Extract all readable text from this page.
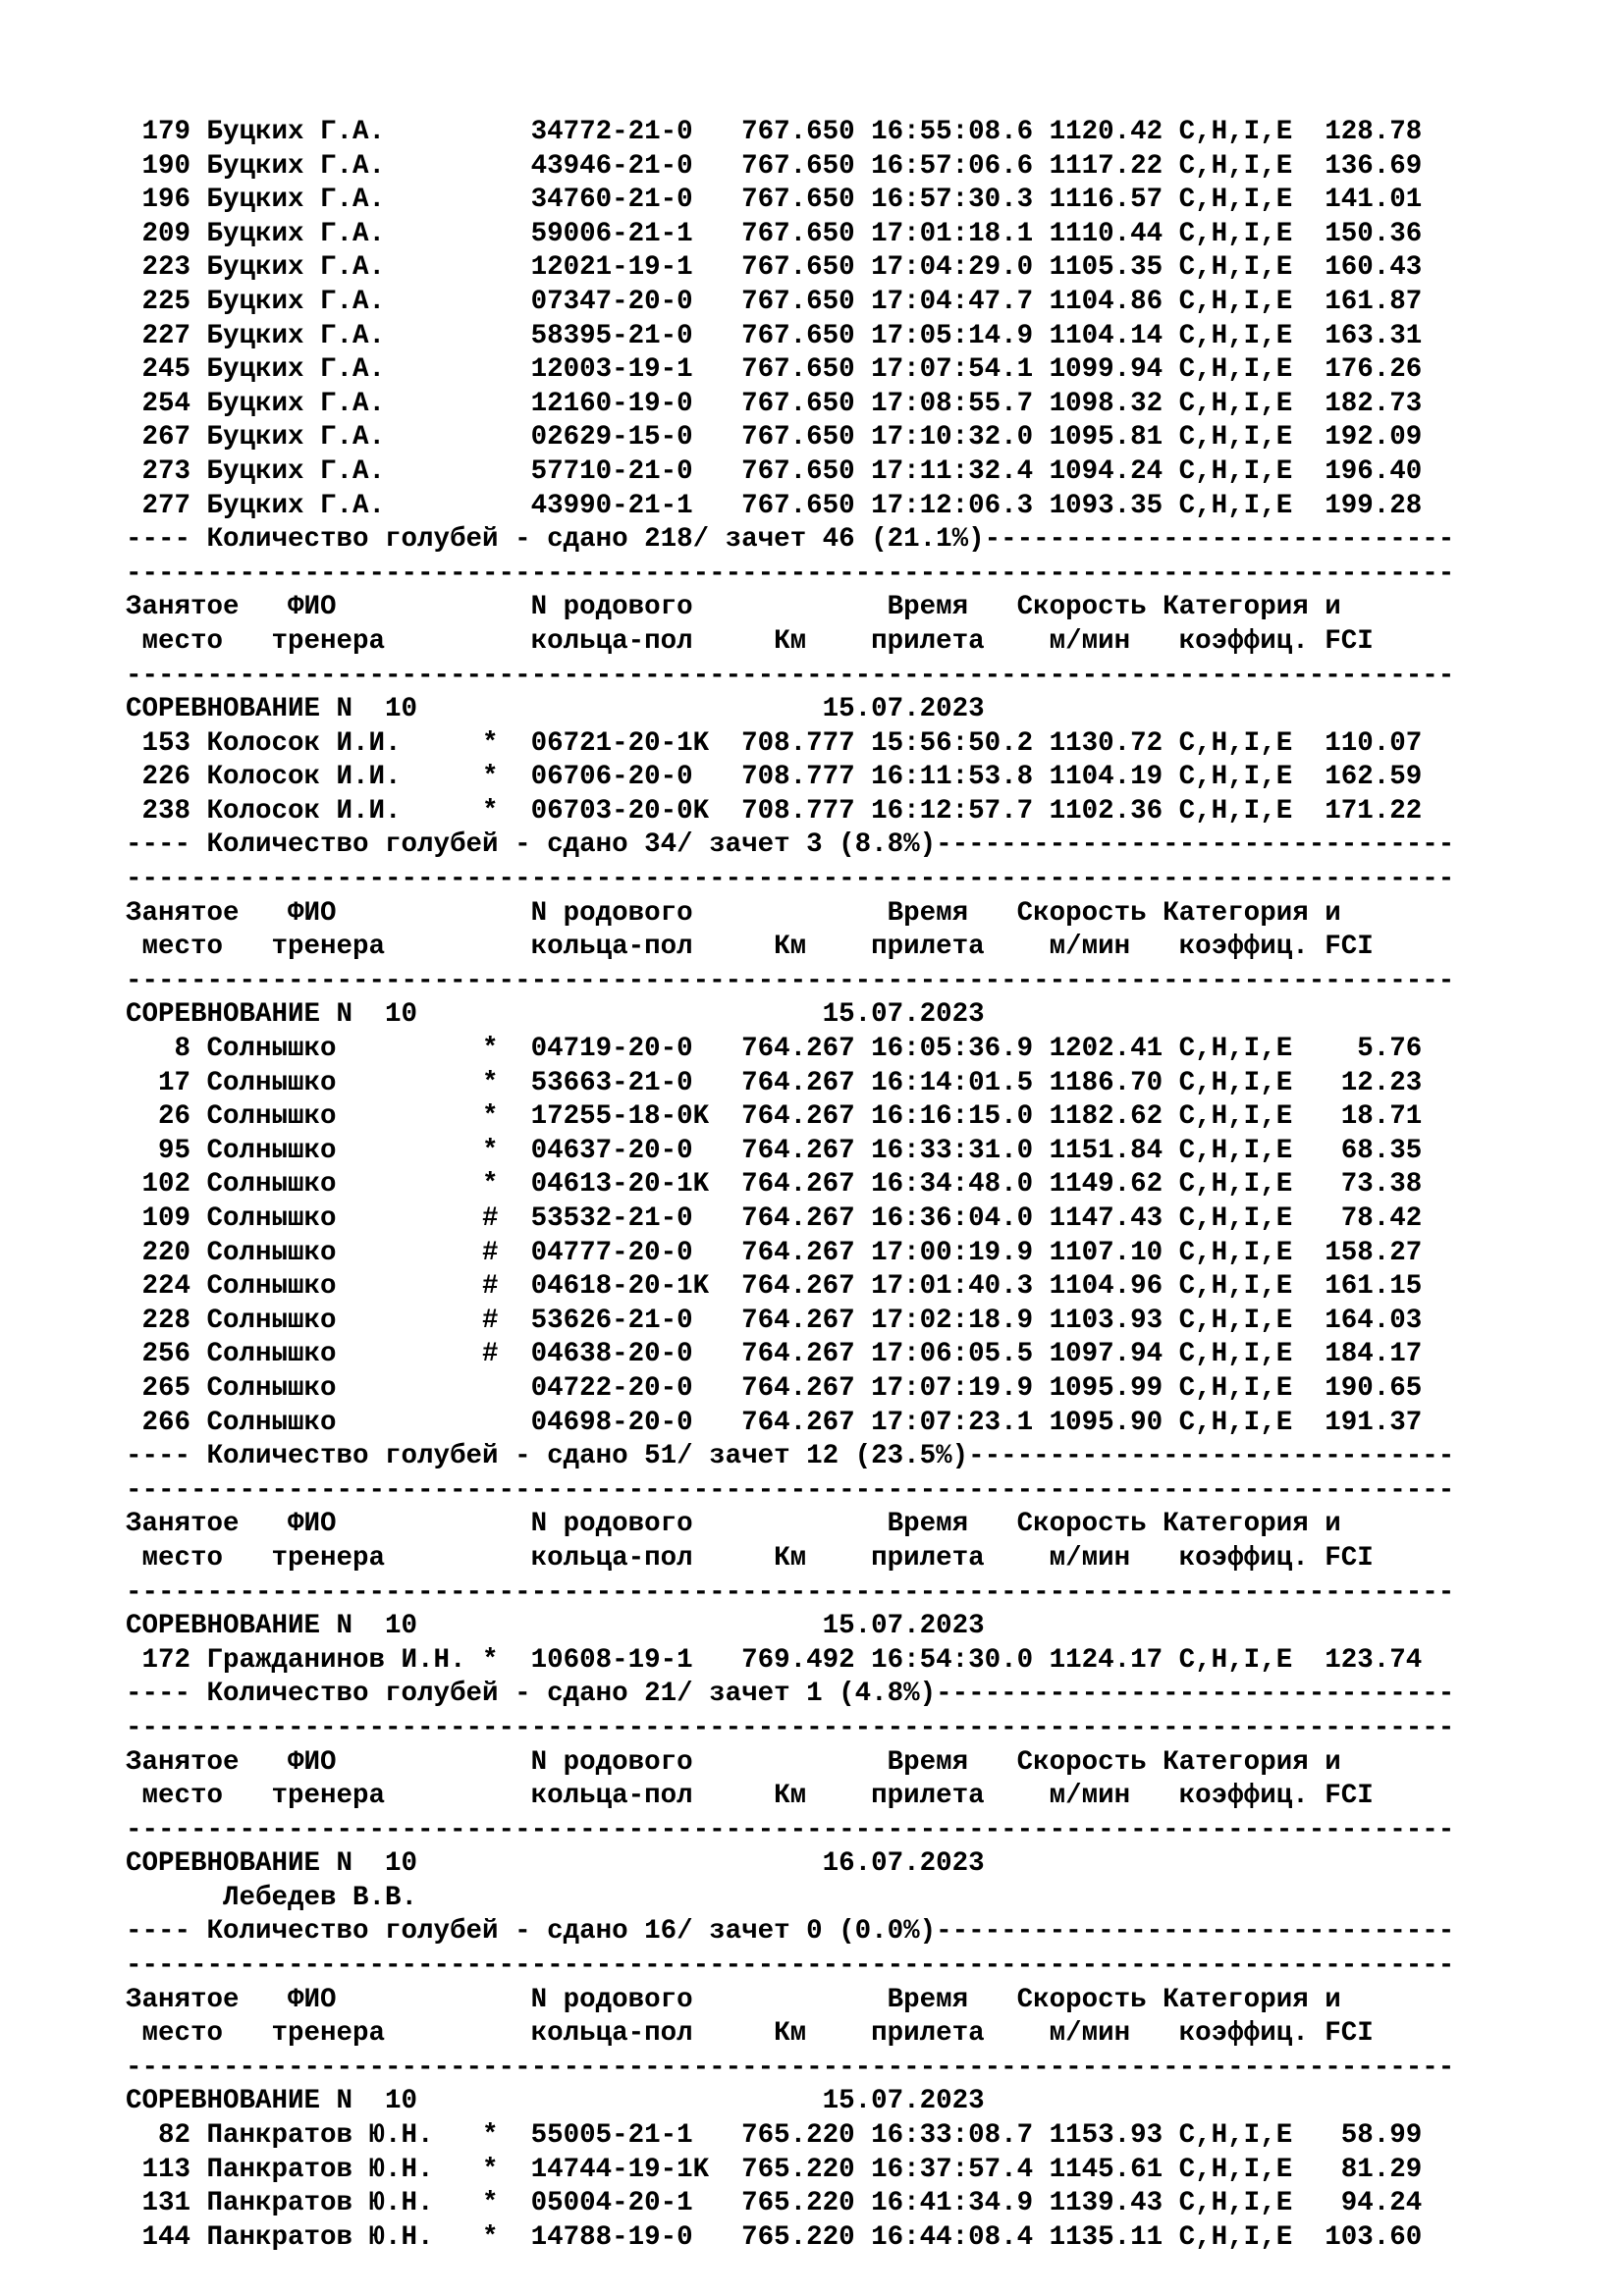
179 Буцких Г.А.         34772-21-0   767.650 16:55:08.6 1120.42 C,H,I,E  128.78
190 Буцких Г.А.         43946-21-0   767.650 16:57:06.6 1117.22 C,H,I,E  136.69
196 Буцких Г.А.         34760-21-0   767.650 16:57:30.3 1116.57 C,H,I,E  141.01
209 Буцких Г.А.         59006-21-1   767.650 17:01:18.1 1110.44 C,H,I,E  150.36
223 Буцких Г.А.         12021-19-1   767.650 17:04:29.0 1105.35 C,H,I,E  160.43
225 Буцких Г.А.         07347-20-0   767.650 17:04:47.7 1104.86 C,H,I,E  161.87
227 Буцких Г.А.         58395-21-0   767.650 17:05:14.9 1104.14 C,H,I,E  163.31
245 Буцких Г.А.         12003-19-1   767.650 17:07:54.1 1099.94 C,H,I,E  176.26
254 Буцких Г.А.         12160-19-0   767.650 17:08:55.7 1098.32 C,H,I,E  182.73
267 Буцких Г.А.         02629-15-0   767.650 17:10:32.0 1095.81 C,H,I,E  192.09
273 Буцких Г.А.         57710-21-0   767.650 17:11:32.4 1094.24 C,H,I,E  196.40
277 Буцких Г.А.         43990-21-1   767.650 17:12:06.3 1093.35 C,H,I,E  199.28
---- Количество голубей - сдано 218/ зачет 46 (21.1%)-----------------------------
----------------------------------------------------------------------------------
Занятое   ФИО            N родового            Время   Скорость Категория и
место   тренера         кольца-пол     Км    прилета    м/мин   коэффиц. FCI
----------------------------------------------------------------------------------
СОРЕВНОВАНИЕ N  10                         15.07.2023
153 Колосок И.И.     *  06721-20-1K  708.777 15:56:50.2 1130.72 C,H,I,E  110.07
226 Колосок И.И.     *  06706-20-0   708.777 16:11:53.8 1104.19 C,H,I,E  162.59
238 Колосок И.И.     *  06703-20-0K  708.777 16:12:57.7 1102.36 C,H,I,E  171.22
---- Количество голубей - сдано 34/ зачет 3 (8.8%)--------------------------------
----------------------------------------------------------------------------------
Занятое   ФИО            N родового            Время   Скорость Категория и
место   тренера         кольца-пол     Км    прилета    м/мин   коэффиц. FCI
----------------------------------------------------------------------------------
СОРЕВНОВАНИЕ N  10                         15.07.2023
8 Солнышко         *  04719-20-0   764.267 16:05:36.9 1202.41 C,H,I,E    5.76
17 Солнышко         *  53663-21-0   764.267 16:14:01.5 1186.70 C,H,I,E   12.23
26 Солнышко         *  17255-18-0K  764.267 16:16:15.0 1182.62 C,H,I,E   18.71
95 Солнышко         *  04637-20-0   764.267 16:33:31.0 1151.84 C,H,I,E   68.35
102 Солнышко         *  04613-20-1K  764.267 16:34:48.0 1149.62 C,H,I,E   73.38
109 Солнышко         #  53532-21-0   764.267 16:36:04.0 1147.43 C,H,I,E   78.42
220 Солнышко         #  04777-20-0   764.267 17:00:19.9 1107.10 C,H,I,E  158.27
224 Солнышко         #  04618-20-1K  764.267 17:01:40.3 1104.96 C,H,I,E  161.15
228 Солнышко         #  53626-21-0   764.267 17:02:18.9 1103.93 C,H,I,E  164.03
256 Солнышко         #  04638-20-0   764.267 17:06:05.5 1097.94 C,H,I,E  184.17
265 Солнышко            04722-20-0   764.267 17:07:19.9 1095.99 C,H,I,E  190.65
266 Солнышко            04698-20-0   764.267 17:07:23.1 1095.90 C,H,I,E  191.37
---- Количество голубей - сдано 51/ зачет 12 (23.5%)------------------------------
----------------------------------------------------------------------------------
Занятое   ФИО            N родового            Время   Скорость Категория и
место   тренера         кольца-пол     Км    прилета    м/мин   коэффиц. FCI
----------------------------------------------------------------------------------
СОРЕВНОВАНИЕ N  10                         15.07.2023
172 Гражданинов И.Н. *  10608-19-1   769.492 16:54:30.0 1124.17 C,H,I,E  123.74
---- Количество голубей - сдано 21/ зачет 1 (4.8%)--------------------------------
----------------------------------------------------------------------------------
Занятое   ФИО            N родового            Время   Скорость Категория и
место   тренера         кольца-пол     Км    прилета    м/мин   коэффиц. FCI
----------------------------------------------------------------------------------
СОРЕВНОВАНИЕ N  10                         16.07.2023
Лебедев В.В.
---- Количество голубей - сдано 16/ зачет 0 (0.0%)--------------------------------
----------------------------------------------------------------------------------
Занятое   ФИО            N родового            Время   Скорость Категория и
место   тренера         кольца-пол     Км    прилета    м/мин   коэффиц. FCI
----------------------------------------------------------------------------------
СОРЕВНОВАНИЕ N  10                         15.07.2023
82 Панкратов Ю.Н.   *  55005-21-1   765.220 16:33:08.7 1153.93 C,H,I,E   58.99
113 Панкратов Ю.Н.   *  14744-19-1K  765.220 16:37:57.4 1145.61 C,H,I,E   81.29
131 Панкратов Ю.Н.   *  05004-20-1   765.220 16:41:34.9 1139.43 C,H,I,E   94.24
144 Панкратов Ю.Н.   *  14788-19-0   765.220 16:44:08.4 1135.11 C,H,I,E  103.60
